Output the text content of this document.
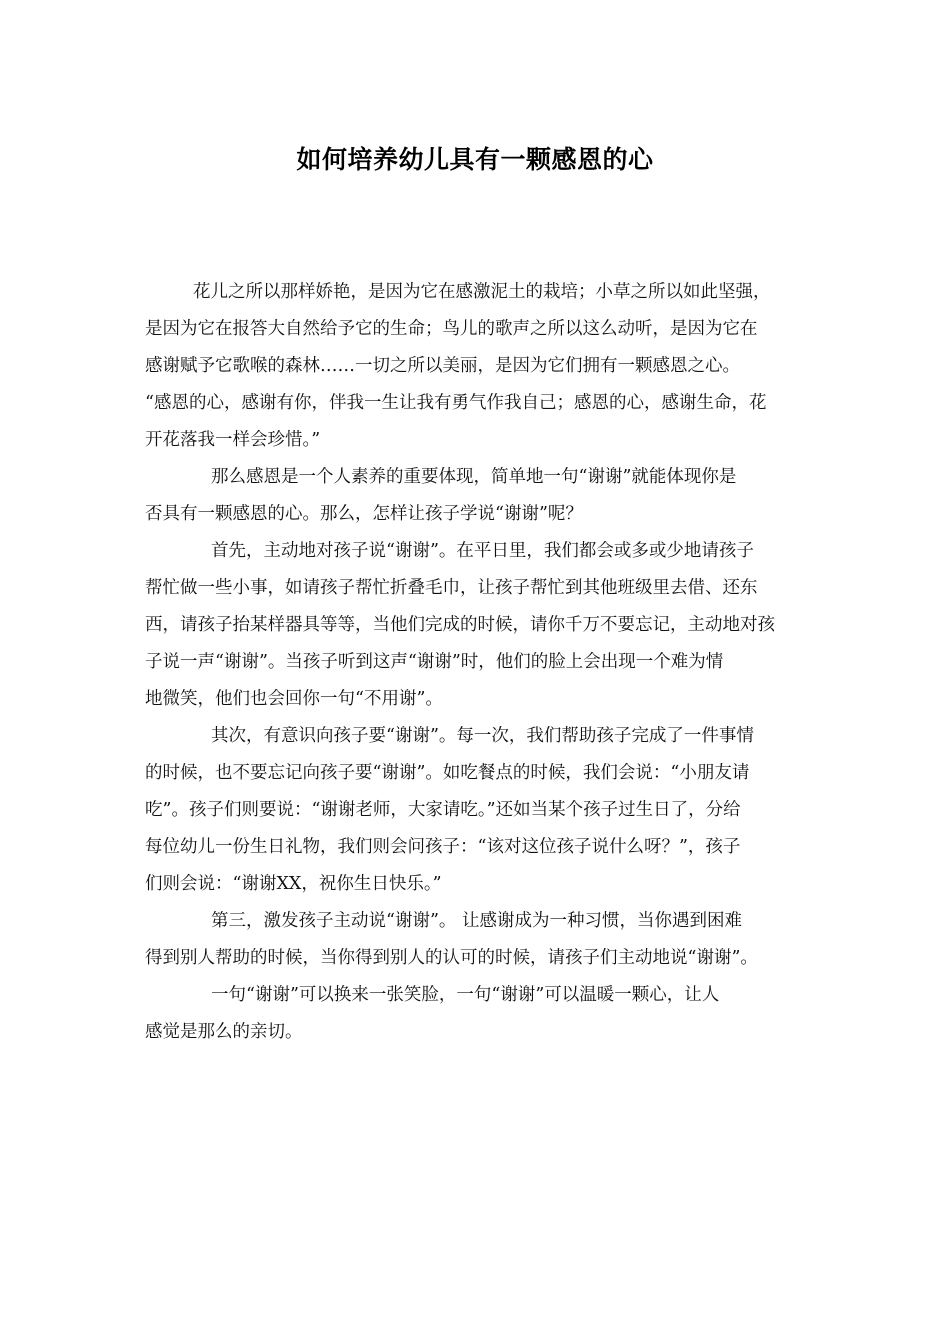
如何培养幼儿具有一颗感恩的心
花儿之所以那样娇艳，是因为它在感激泥土的栽培；小草之所以如此坚强，
是因为它在报答大自然给予它的生命；鸟儿的歌声之所以这么动听，是因为它在
感谢赋予它歌喉的森林……一切之所以美丽，是因为它们拥有一颗感恩之心。
“感恩的心，感谢有你，伴我一生让我有勇气作我自己；感恩的心，感谢生命，花
开花落我一样会珍惜。”
那么感恩是一个人素养的重要体现，简单地一句“谢谢”就能体现你是
否具有一颗感恩的心。那么，怎样让孩子学说“谢谢”呢？
首先，主动地对孩子说“谢谢”。在平日里，我们都会或多或少地请孩子
帮忙做一些小事，如请孩子帮忙折叠毛巾，让孩子帮忙到其他班级里去借、还东
西，请孩子抬某样器具等等，当他们完成的时候，请你千万不要忘记，主动地对孩
子说一声“谢谢”。当孩子听到这声“谢谢”时，他们的脸上会出现一个难为情
地微笑，他们也会回你一句“不用谢”。
其次，有意识向孩子要“谢谢”。每一次，我们帮助孩子完成了一件事情
的时候，也不要忘记向孩子要“谢谢”。如吃餐点的时候，我们会说：“小朋友请
吃”。孩子们则要说：“谢谢老师，大家请吃。”还如当某个孩子过生日了，分给
每位幼儿一份生日礼物，我们则会问孩子：“该对这位孩子说什么呀？”，孩子
们则会说：“谢谢XX，祝你生日快乐。”
第三，激发孩子主动说“谢谢”。 让感谢成为一种习惯，当你遇到困难
得到别人帮助的时候，当你得到别人的认可的时候，请孩子们主动地说“谢谢”。
一句“谢谢”可以换来一张笑脸，一句“谢谢”可以温暖一颗心，让人
感觉是那么的亲切。
